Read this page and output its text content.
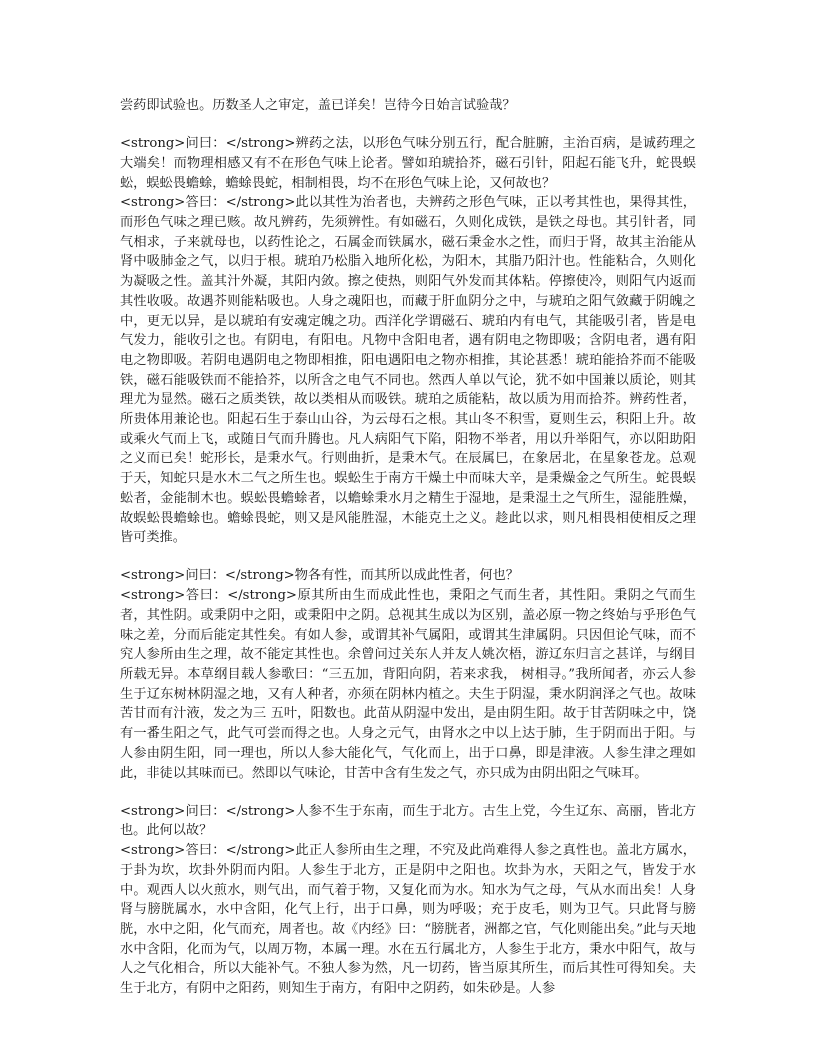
尝药即试验也。历数圣人之审定，盖已详矣！岂待今日始言试验哉？

<strong>问曰：</strong>辨药之法，以形色气味分别五行，配合脏腑，主治百病，是诚药理之大端矣！而物理相感又有不在形色气味上论者。譬如珀琥拾芥，磁石引针，阳起石能飞升，蛇畏蜈蚣，蜈蚣畏蟾蜍，蟾蜍畏蛇，相制相畏，均不在形色气味上论，又何故也？
<strong>答曰：</strong>此以其性为治者也，夫辨药之形色气味，正以考其性也，果得其性，而形色气味之理已赅。故凡辨药，先须辨性。有如磁石，久则化成铁，是铁之母也。其引针者，同气相求，子来就母也，以药性论之，石属金而铁属水，磁石秉金水之性，而归于肾，故其主治能从肾中吸肺金之气，以归于根。琥珀乃松脂入地所化松，为阳木，其脂乃阳汁也。性能粘合，久则化为凝吸之性。盖其汁外凝，其阳内敛。擦之使热，则阳气外发而其体粘。停擦使冷，则阳气内返而其性收吸。故遇芥则能粘吸也。人身之魂阳也，而藏于肝血阴分之中，与琥珀之阳气敛藏于阴魄之中，更无以异，是以琥珀有安魂定魄之功。西洋化学谓磁石、琥珀内有电气，其能吸引者，皆是电气发力，能收引之也。有阴电，有阳电。凡物中含阳电者，遇有阴电之物即吸；含阴电者，遇有阳电之物即吸。若阴电遇阴电之物即相推，阳电遇阳电之物亦相推，其论甚悉！琥珀能拾芥而不能吸铁，磁石能吸铁而不能拾芥，以所含之电气不同也。然西人单以气论，犹不如中国兼以质论，则其理尤为显然。磁石之质类铁，故以类相从而吸铁。琥珀之质能粘，故以质为用而拾芥。辨药性者，所贵体用兼论也。阳起石生于泰山山谷，为云母石之根。其山冬不积雪，夏则生云，积阳上升。故或乘火气而上飞，或随日气而升腾也。凡人病阳气下陷，阳物不举者，用以升举阳气，亦以阳助阳之义而已矣！蛇形长，是秉水气。行则曲折，是秉木气。在辰属巳，在象居北，在星象苍龙。总观于天，知蛇只是水木二气之所生也。蜈蚣生于南方干燥土中而味大辛，是秉燥金之气所生。蛇畏蜈蚣者，金能制木也。蜈蚣畏蟾蜍者，以蟾蜍秉水月之精生于湿地，是秉湿土之气所生，湿能胜燥，故蜈蚣畏蟾蜍也。蟾蜍畏蛇，则又是风能胜湿，木能克土之义。趁此以求，则凡相畏相使相反之理皆可类推。

<strong>问曰：</strong>物各有性，而其所以成此性者，何也？
<strong>答曰：</strong>原其所由生而成此性也，秉阳之气而生者，其性阳。秉阴之气而生者，其性阴。或秉阴中之阳，或秉阳中之阴。总视其生成以为区别，盖必原一物之终始与乎形色气味之差，分而后能定其性矣。有如人参，或谓其补气属阳，或谓其生津属阴。只因但论气味，而不究人参所由生之理，故不能定其性也。余曾问过关东人并友人姚次梧，游辽东归言之甚详，与纲目所载无异。本草纲目载人参歌曰：“三五加，背阳向阴，若来求我， 树相寻。”我所闻者，亦云人参生于辽东树林阴湿之地，又有人种者，亦须在阴林内植之。夫生于阴湿，秉水阴润泽之气也。故味苦甘而有汁液，发之为三 五叶，阳数也。此苗从阴湿中发出，是由阴生阳。故于甘苦阴味之中，饶有一番生阳之气，此气可尝而得之也。人身之元气，由肾水之中以上达于肺，生于阴而出于阳。与人参由阴生阳，同一理也，所以人参大能化气，气化而上，出于口鼻，即是津液。人参生津之理如此，非徒以其味而已。然即以气味论，甘苦中含有生发之气，亦只成为由阴出阳之气味耳。

<strong>问曰：</strong>人参不生于东南，而生于北方。古生上党，今生辽东、高丽，皆北方也。此何以故？
<strong>答曰：</strong>此正人参所由生之理，不究及此尚难得人参之真性也。盖北方属水，于卦为坎，坎卦外阴而内阳。人参生于北方，正是阴中之阳也。坎卦为水，天阳之气，皆发于水中。观西人以火煎水，则气出，而气着于物，又复化而为水。知水为气之母，气从水而出矣！人身肾与膀胱属水，水中含阳，化气上行，出于口鼻，则为呼吸；充于皮毛，则为卫气。只此肾与膀胱，水中之阳，化气而充，周者也。故《内经》曰：“膀胱者，洲都之官，气化则能出矣。”此与天地水中含阳，化而为气，以周万物，本属一理。水在五行属北方，人参生于北方，秉水中阳气，故与人之气化相合，所以大能补气。不独人参为然，凡一切药，皆当原其所生，而后其性可得知矣。夫生于北方，有阴中之阳药，则知生于南方，有阳中之阴药，如朱砂是。人参
